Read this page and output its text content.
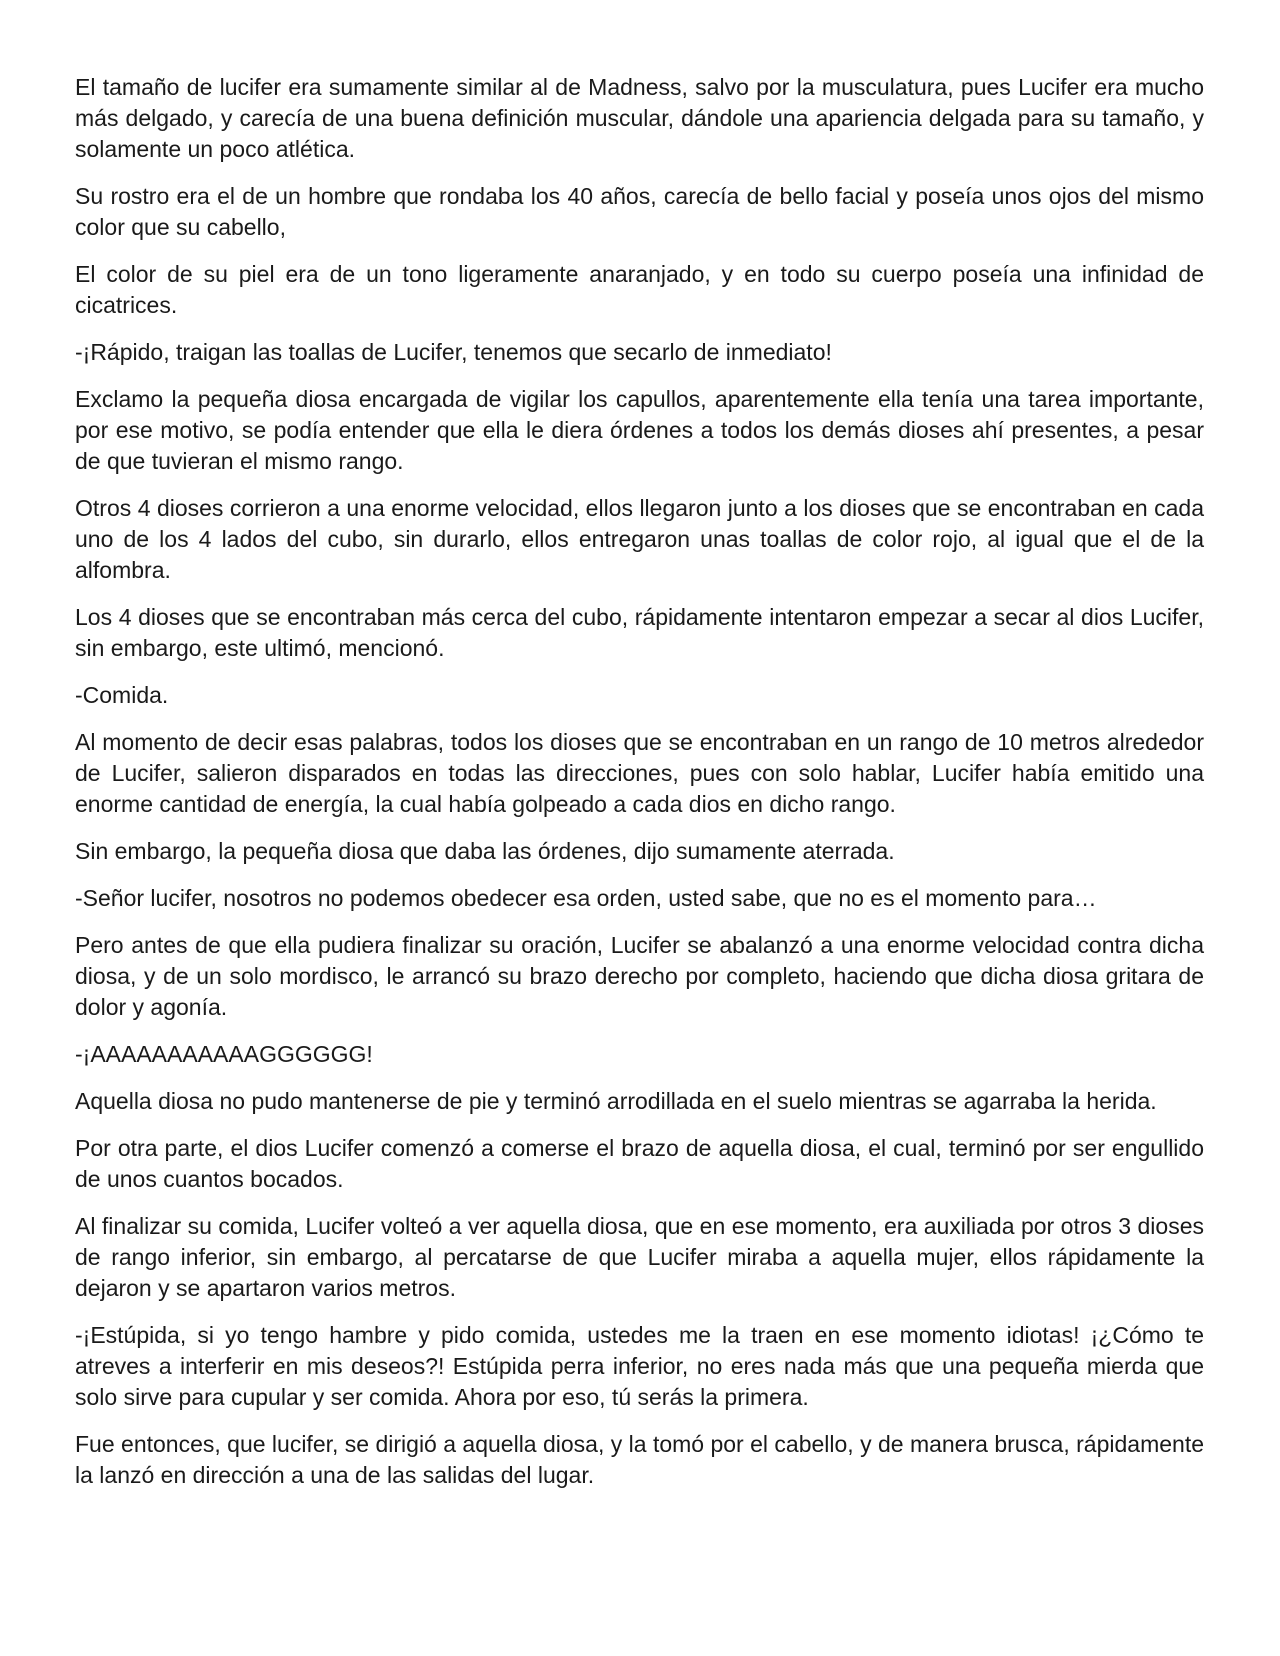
El tamaño de lucifer era sumamente similar al de Madness, salvo por la musculatura, pues Lucifer era mucho más delgado, y carecía de una buena definición muscular, dándole una apariencia delgada para su tamaño, y solamente un poco atlética.

Su rostro era el de un hombre que rondaba los 40 años, carecía de bello facial y poseía unos ojos del mismo color que su cabello,

El color de su piel era de un tono ligeramente anaranjado, y en todo su cuerpo poseía una infinidad de cicatrices.

-¡Rápido, traigan las toallas de Lucifer, tenemos que secarlo de inmediato!

Exclamo la pequeña diosa encargada de vigilar los capullos, aparentemente ella tenía una tarea importante, por ese motivo, se podía entender que ella le diera órdenes a todos los demás dioses ahí presentes, a pesar de que tuvieran el mismo rango.

Otros 4 dioses corrieron a una enorme velocidad, ellos llegaron junto a los dioses que se encontraban en cada uno de los 4 lados del cubo, sin durarlo, ellos entregaron unas toallas de color rojo, al igual que el de la alfombra.

Los 4 dioses que se encontraban más cerca del cubo, rápidamente intentaron empezar a secar al dios Lucifer, sin embargo, este ultimó, mencionó.

-Comida.

Al momento de decir esas palabras, todos los dioses que se encontraban en un rango de 10 metros alrededor de Lucifer, salieron disparados en todas las direcciones, pues con solo hablar, Lucifer había emitido una enorme cantidad de energía, la cual había golpeado a cada dios en dicho rango.

Sin embargo, la pequeña diosa que daba las órdenes, dijo sumamente aterrada.

-Señor lucifer, nosotros no podemos obedecer esa orden, usted sabe, que no es el momento para…

Pero antes de que ella pudiera finalizar su oración, Lucifer se abalanzó a una enorme velocidad contra dicha diosa, y de un solo mordisco, le arrancó su brazo derecho por completo, haciendo que dicha diosa gritara de dolor y agonía.

-¡AAAAAAAAAAAGGGGGG!

Aquella diosa no pudo mantenerse de pie y terminó arrodillada en el suelo mientras se agarraba la herida.

Por otra parte, el dios Lucifer comenzó a comerse el brazo de aquella diosa, el cual, terminó por ser engullido de unos cuantos bocados.

Al finalizar su comida, Lucifer volteó a ver aquella diosa, que en ese momento, era auxiliada por otros 3 dioses de rango inferior, sin embargo, al percatarse de que Lucifer miraba a aquella mujer, ellos rápidamente la dejaron y se apartaron varios metros.

-¡Estúpida, si yo tengo hambre y pido comida, ustedes me la traen en ese momento idiotas! ¡¿Cómo te atreves a interferir en mis deseos?! Estúpida perra inferior, no eres nada más que una pequeña mierda que solo sirve para cupular y ser comida. Ahora por eso, tú serás la primera.

Fue entonces, que lucifer, se dirigió a aquella diosa, y la tomó por el cabello, y de manera brusca, rápidamente la lanzó en dirección a una de las salidas del lugar.
